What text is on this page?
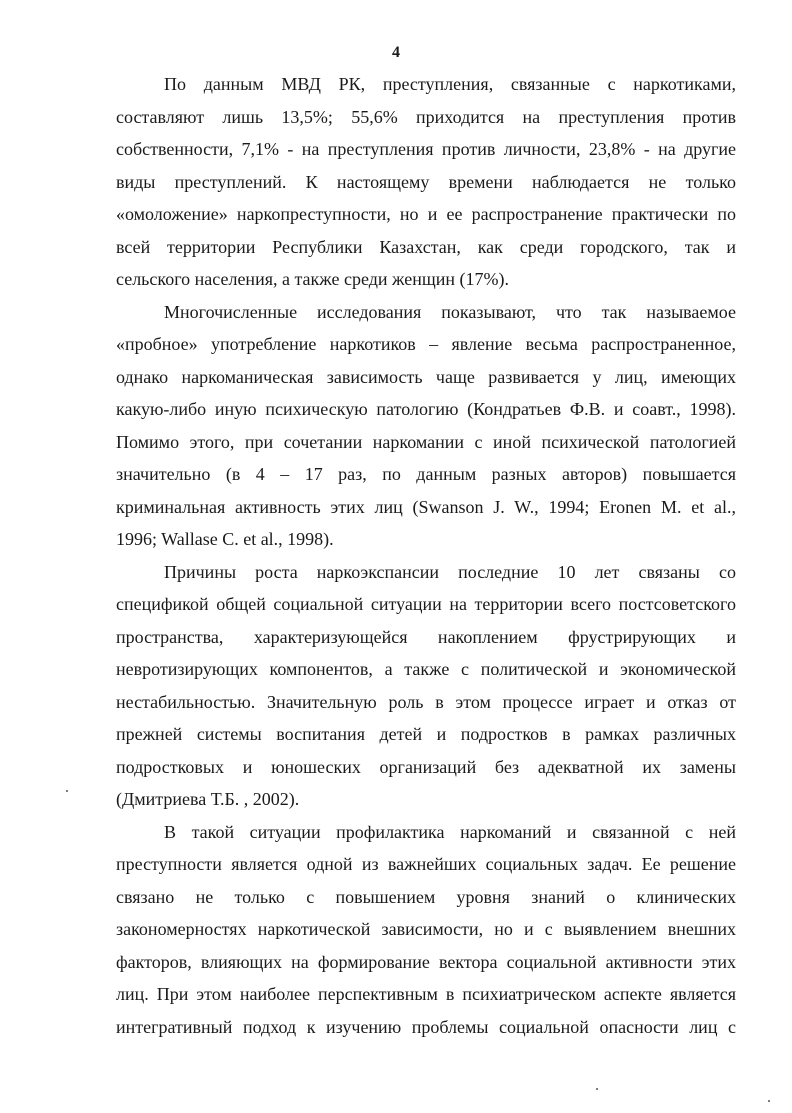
4
По данным МВД РК, преступления, связанные с наркотиками,
составляют лишь 13,5%; 55,6% приходится на преступления против
собственности, 7,1% - на преступления против личности, 23,8% - на другие
виды преступлений. К настоящему времени наблюдается не только
«омоложение» наркопреступности, но и ее распространение практически по
всей территории Республики Казахстан, как среди городского, так и
сельского населения, а также среди женщин (17%).
Многочисленные исследования показывают, что так называемое
«пробное» употребление наркотиков – явление весьма распространенное,
однако наркоманическая зависимость чаще развивается у лиц, имеющих
какую-либо иную психическую патологию (Кондратьев Ф.В. и соавт., 1998).
Помимо этого, при сочетании наркомании с иной психической патологией
значительно (в 4 – 17 раз, по данным разных авторов) повышается
криминальная активность этих лиц (Swanson J. W., 1994; Eronen M. et al.,
1996; Wallase C. et al., 1998).
Причины роста наркоэкспансии последние 10 лет связаны со
спецификой общей социальной ситуации на территории всего постсоветского
пространства, характеризующейся накоплением фрустрирующих и
невротизирующих компонентов, а также с политической и экономической
нестабильностью. Значительную роль в этом процессе играет и отказ от
прежней системы воспитания детей и подростков в рамках различных
подростковых и юношеских организаций без адекватной их замены
(Дмитриева Т.Б. , 2002).
В такой ситуации профилактика наркоманий и связанной с ней
преступности является одной из важнейших социальных задач. Ее решение
связано не только с повышением уровня знаний о клинических
закономерностях наркотической зависимости, но и с выявлением внешних
факторов, влияющих на формирование вектора социальной активности этих
лиц. При этом наиболее перспективным в психиатрическом аспекте является
интегративный подход к изучению проблемы социальной опасности лиц с
